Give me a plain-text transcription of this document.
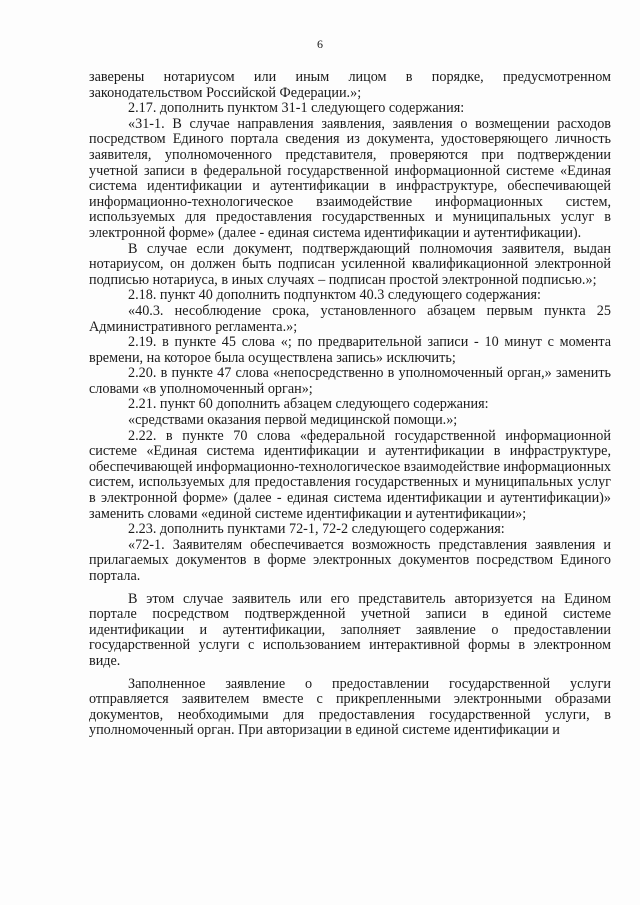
6

заверены нотариусом или иным лицом в порядке, предусмотренном законодательством Российской Федерации.»;

2.17. дополнить пунктом 31-1 следующего содержания:

«31-1. В случае направления заявления, заявления о возмещении расходов посредством Единого портала сведения из документа, удостоверяющего личность заявителя, уполномоченного представителя, проверяются при подтверждении учетной записи в федеральной государственной информационной системе «Единая система идентификации и аутентификации в инфраструктуре, обеспечивающей информационно-технологическое взаимодействие информационных систем, используемых для предоставления государственных и муниципальных услуг в электронной форме» (далее - единая система идентификации и аутентификации).

В случае если документ, подтверждающий полномочия заявителя, выдан нотариусом, он должен быть подписан усиленной квалификационной электронной подписью нотариуса, в иных случаях – подписан простой электронной подписью.»;

2.18. пункт 40 дополнить подпунктом 40.3 следующего содержания:

«40.3. несоблюдение срока, установленного абзацем первым пункта 25 Административного регламента.»;

2.19. в пункте 45 слова «; по предварительной записи - 10 минут с момента времени, на которое была осуществлена запись» исключить;

2.20. в пункте 47 слова «непосредственно в уполномоченный орган,» заменить словами «в уполномоченный орган»;

2.21. пункт 60 дополнить абзацем следующего содержания:

«средствами оказания первой медицинской помощи.»;

2.22. в пункте 70 слова «федеральной государственной информационной системе «Единая система идентификации и аутентификации в инфраструктуре, обеспечивающей информационно-технологическое взаимодействие информационных систем, используемых для предоставления государственных и муниципальных услуг в электронной форме» (далее - единая система идентификации и аутентификации)» заменить словами «единой системе идентификации и аутентификации»;

2.23. дополнить пунктами 72-1, 72-2 следующего содержания:

«72-1. Заявителям обеспечивается возможность представления заявления и прилагаемых документов в форме электронных документов посредством Единого портала.

В этом случае заявитель или его представитель авторизуется на Едином портале посредством подтвержденной учетной записи в единой системе идентификации и аутентификации, заполняет заявление о предоставлении государственной услуги с использованием интерактивной формы в электронном виде.

Заполненное заявление о предоставлении государственной услуги отправляется заявителем вместе с прикрепленными электронными образами документов, необходимыми для предоставления государственной услуги, в уполномоченный орган. При авторизации в единой системе идентификации и
